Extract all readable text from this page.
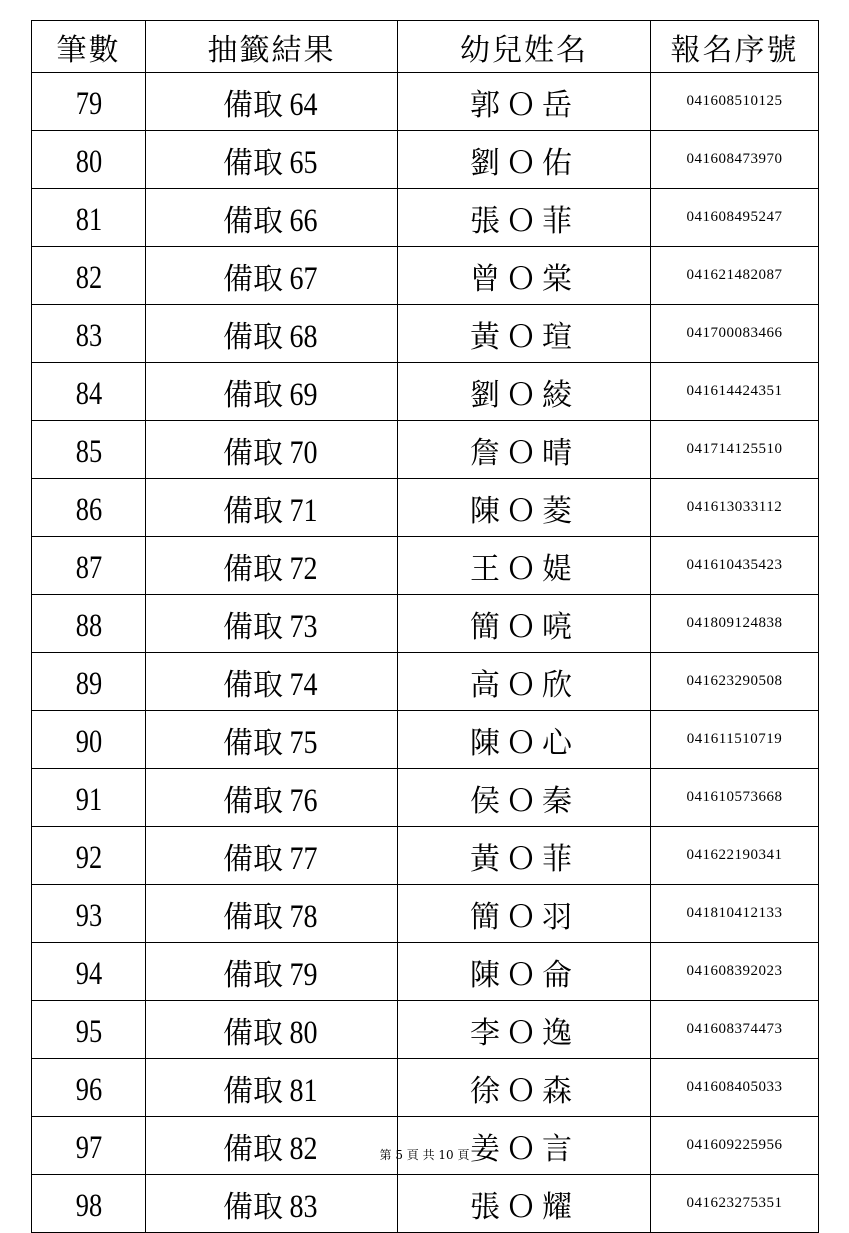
筆數	抽籤結果	幼兒姓名	報名序號
79	備取 64	郭Ｏ岳	041608510125
80	備取 65	劉Ｏ佑	041608473970
81	備取 66	張Ｏ菲	041608495247
82	備取 67	曾Ｏ棠	041621482087
83	備取 68	黃Ｏ瑄	041700083466
84	備取 69	劉Ｏ綾	041614424351
85	備取 70	詹Ｏ晴	041714125510
86	備取 71	陳Ｏ菱	041613033112
87	備取 72	王Ｏ媞	041610435423
88	備取 73	簡Ｏ喨	041809124838
89	備取 74	高Ｏ欣	041623290508
90	備取 75	陳Ｏ心	041611510719
91	備取 76	侯Ｏ秦	041610573668
92	備取 77	黃Ｏ菲	041622190341
93	備取 78	簡Ｏ羽	041810412133
94	備取 79	陳Ｏ侖	041608392023
95	備取 80	李Ｏ逸	041608374473
96	備取 81	徐Ｏ森	041608405033
97	備取 82	姜Ｏ言	041609225956
98	備取 83	張Ｏ耀	041623275351
第 5 頁 共 10 頁
